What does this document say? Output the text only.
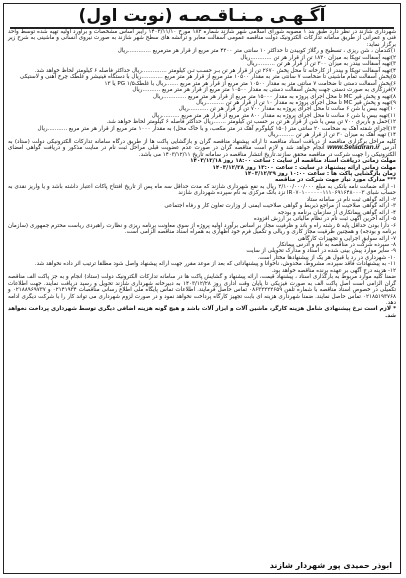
آگـهـی مـنـاقـصـه (نوبت اول)

شهرداری شازند در نظر دارد طبق بند ۱ مصوبه شورای اسلامی شهر شازند شماره ۱۸۲ مورخ ۱۴۰۳/۱۱/۱۰ رایبر اساس مشخصات و براورد اولیه تهیه شده توسط واحد فنی و عمرانی از طریق سامانه تدارکات الکترونیک دولت مناقصه عمومی آسفالت معابر و ترانشه های سطح شهر شازند به صورت نیروی انسانی و ماشینی به شرح زیر برگزار نماید:

۱)کندمان ، شن ریزی ، تسطیح و رگلاژ کوبیدن تا حداکثر ۱۰ سانتی متر ۴۲۰۰ متر مربع از قرار هر مترمربع .............ریال

۲)تهیه آسفالت توپکا به میزان ۱۸۳۰ تن از قرار هر تن ............ریال

۳)تهیه آسفالت بیندر به میزان ۳۰۰ تن از قرار هر تن ..........ریال

۴)تهیه آسفالت توپکا و بیندر از کارخانه تا محل پخش ۲۶۷۰ تن از قرار هر تن بـر حسـب تـن کیلومتر ..............ریال حداکثر فاصله ۶ کیلومتر لحاظ خواهد شد.

۵)پخش آسفالت تمام ماشینی تا ضخامت ۷ سانتی متر به مقدار ۱۰۵۰۰ متر مربع از قرار هر متر مربع ............ریال با دستگاه فینیشر و غلطک چرخ آهنی و لاستیکی

۶)پخش آسفالت دستی تا ضخامت ۷ سانتی متر به مقدار ۱۰۵۰۰ متر مربع از قرار هر متر مربع .......ریال با غلطکPG ۱/۵ یا ۱۳

۷)فرزکاری به صورت دستی جهت پخش آسفالت دستی به مقدار ۱۰۵۰۰ متر مربع از قرار هر متر مربع ..........ریال

۸)تهیه و پخش قیر MC تا محل اجرای پروژه به مقدار ۱۵۰۰۰ متر مربع از قرار هر متر مربع .............ریال

۹)تهیه و پخش قیر MC تا محل اجرای پروژه به مقدار ۱۰ تن از قرار هر تن ..........ریال

۱۰)تهیه بیس یا شن ۶ سانت تا محل اجرای پروژه به مقدار ۷۰۰ تن از قرار هر تن ...........ریال

۱۱)تهیه بیس یا شن ۶ سانت تا محل اجرای پروژه به مقدار ۸۰۰ متر مربع از قرار هر متر مربع ..........ریال

۱۲)حمل و باربری ۷۰۰ تن بیس یا شن از قرار هر تن بر حسب تن کیلومتر .......ریال حداکثر فاصله ۶ کیلومتر لحاظ خواهد شد.

۱۳)اجرای شفته آهک به ضخامت ۲۰ سانتی متر (۱۵۰ کیلوگرم آهک در متر مکعب، و با خاک محل) به مقدار ۱۰۰۰ متر مربع از قرار هر متر مربع ...........ریال

۱۴) تهیه آهک به میزان ۳۰ تن از قرار هر تن .........ریال

کلیه مراحل برگزاری مناقصه از دریافت اسناد مناقصه تا ارائه پیشنهاد مناقصه گران و بازگشایی پاکت ها از طریق درگاه سامانه تدارکات الکترونیکی دولت (ستاد) به آدرس www.Setadiran.ir انجام خواهد شد و لازم است مناقصه گران در صورت عدم عضویت قبلی مراحل ثبت نام در سایت مذکور و دریافت گواهی امضای الکترونیکی را جهت شرکت در مناقصه محقق سازند.تاریخ انتشار مناقصه در سامانه تاریخ ۱۴۰۳/۱۲/۱۱ می باشد.

مهلت زمانی دریافت اسناد مناقصه از سایت : ساعت ۱۸:۰۰ روز ۱۴۰۳/۱۲/۱۸

مهلت زمانی ارائه پیشنهاد در سایت : ساعت ۱۳:۰۰ روز ۱۴۰۳/۱۲/۲۸

زمان بازگشایی پاکت ها : ساعت ۱۰:۰۰ روز ۱۴۰۳/۱۲/۲۹

*** مدارک مورد نیاز جهت شرکت در مناقصه

۱- ارائه ضمانت نامه بانکی به مبلغ ۲/۱۰۰/۰۰۰/۰۰۰ ریال به نفع شهرداری شازند که مدت حداقل سه ماه پس از تاریخ افتتاح پاکات اعتبار داشته باشد و یا واریز نقدی به حساب شبای IR۰۷۰۱۰۰۰۰۰۰۱۱۱۰۶۹۱۶۴۸۰۰۰۳ نزد بانک مرکزی به نام سپرده شهرداری شازند

۲- ارائه گواهی ثبت نام در سامانه ستاد

۳- ارائه گواهی صلاحیت از مراجع ذیربط و گواهی صلاحیت ایمنی از وزارت تعاون کار و رفاه اجتماعی

۴- ارائه گواهی پیمانکاری از سازمان برنامه و بودجه

۵- ارائه آخرین آگهی ثبت نام در نظام مالیاتی بر ارزش افزوده

۶- دارا بودن حداقل پایه ۵ رشته راه و باند و ظرفیت مجاز بر اساس برآورد اولیه پروژه از سوی معاونت برنامه ریزی و نظارت راهبردی ریاست محترم جمهوری (سازمان برنامه و بودجه) و همچنین ظرفیت مجاز کاری و ریالی و تکمیل فرم خود اظهاری به همراه اسناد مناقصه الزامی است.

۷- ارائه سوابق اجرایی و تجهیزات کارگاهی

۸- سپرده شرکت در مناقصه به نام و آدرس پیمانکار

۹- سایر موارد پیش بینی شده در اسناد و مدارک تحویلی از سایت

۱۰- شهرداری در رد یا قبول هر یک از پیشنهادها مختار است.

۱۱- به پیشنهادات فاقد سپرده، مشروط، مخدوش، ناخوانا و پیشنهاداتی که بعد از موعد مقرر جهت ارائه پیشنهاد واصل شود مطلقا ترتیب اثر داده نخواهد شد.

۱۲- هزینه درج آگهی بر عهده برنده مناقصه خواهد بود.

ضمنا کلیه موارد مربوط به بارگذاری اسناد ، پیشنهاد قیمت، ارائه پیشنهاد و گشایش پاکت ها در سامانه تدارکات الکترونیک دولت (ستاد) انجام و به جز پاکت الف مناقصه گران الزامی است اصل پاکت الف به صورت فیزیکی تا پایان وقت اداری روز ۱۴۰۳/۱۲/۲۸ به دبیرخانه شهرداری شازند تحویل و رسید دریافت نمایند. جهت اطلاعات تکمیلی در خصوص اسناد مناقصه با شماره تلفن ۰۸۶۳۲۲۲۲۶۵۹ تماس حاصل فرمایند. اطلاعات تماس پایگاه ملی اطلاع رسانی مناقصات ۰۲۱۴۱۹۳۴ و ۰۲۱۸۸۹۶۹۷۳۷ و ۰۲۱۸۵۱۹۳۷۶۸ تماس حاصل نمایند. ضمنا شهرداری هزینه ای بابت تجهیز کارگاه پرداخت نخواهد نمود و در صورت لزوم شهرداری می تواند کار را با شرکت دیگری ادامه دهد.

* لازم است نرخ پیشنهادی شامل هزینه کارگر، ماشین آلات و ابزار آلات باشد و هیچ گونه هزینه اضافی دیگری توسط شهرداری پرداخت نخواهد شد.

ابوذر حمیدی پور شهردار شازند
